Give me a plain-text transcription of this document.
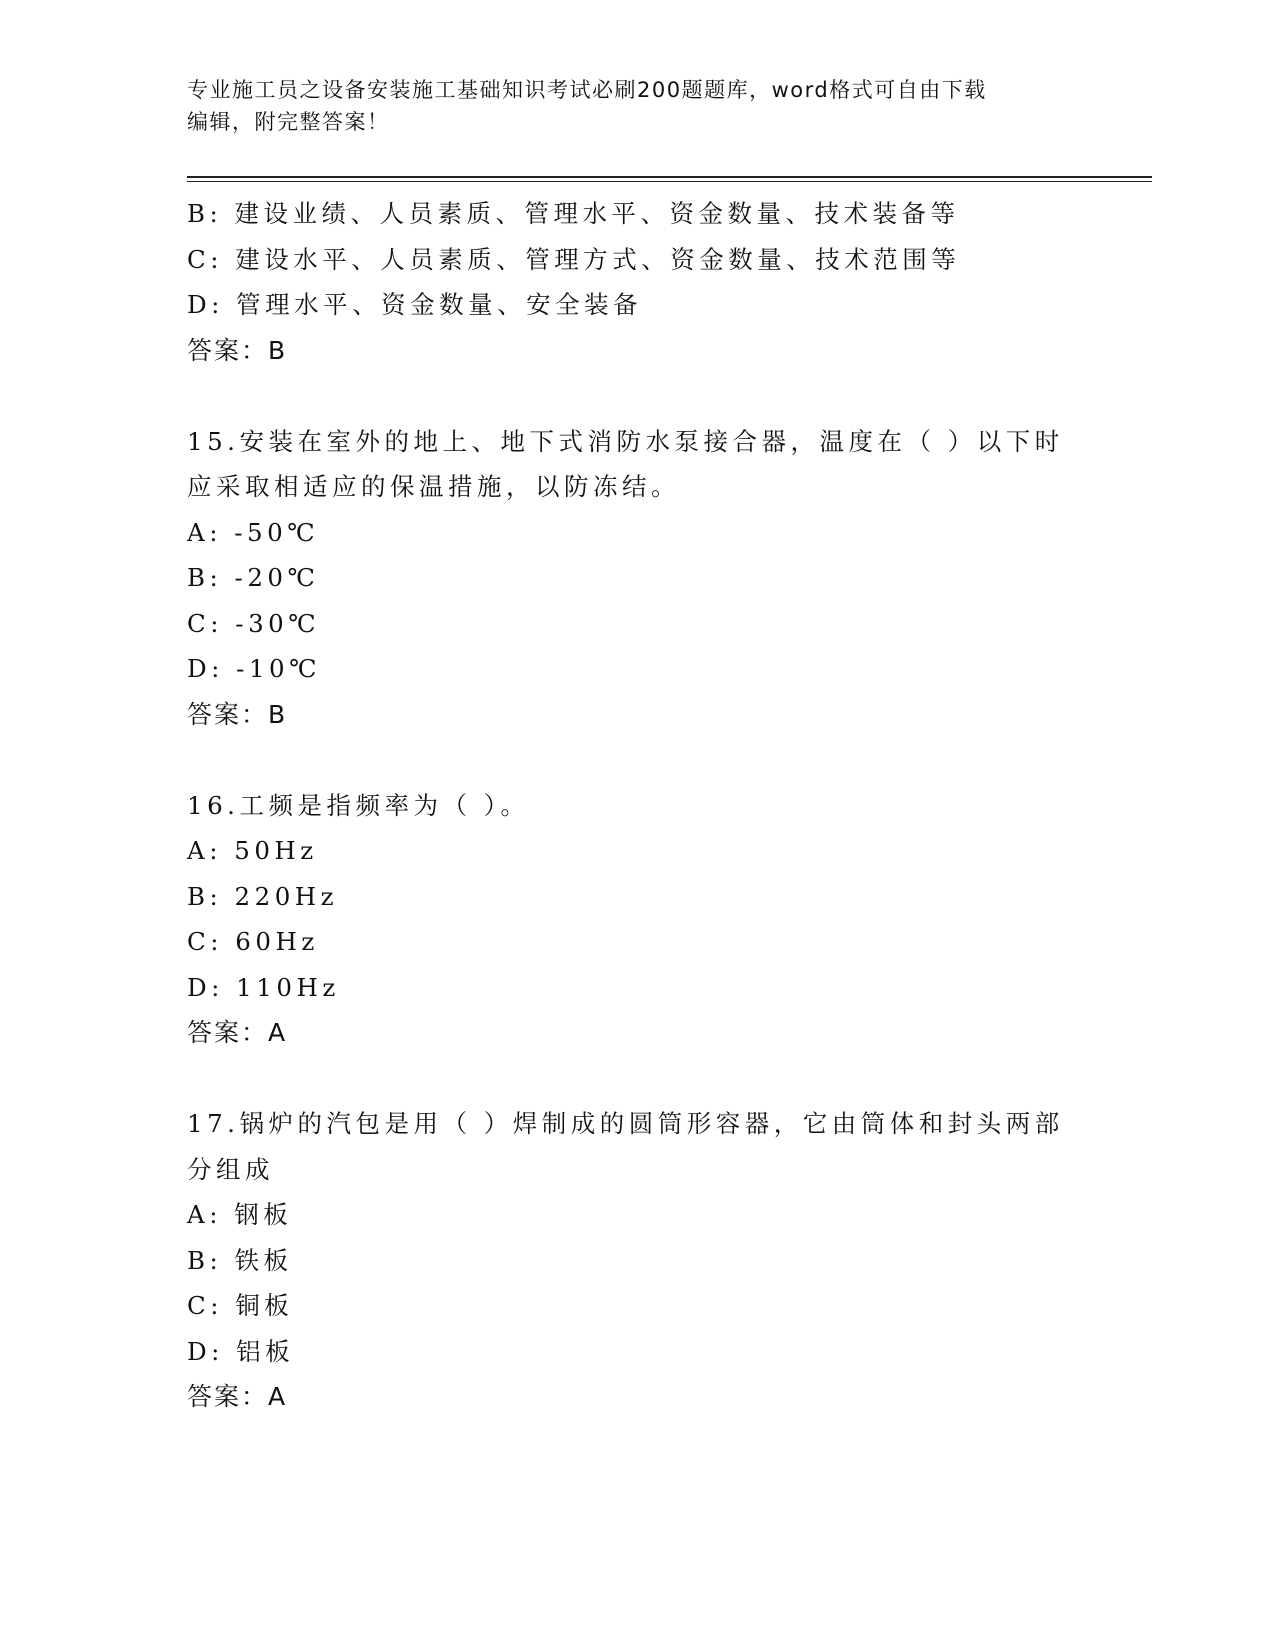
专业施工员之设备安装施工基础知识考试必刷200题题库，word格式可自由下载
编辑，附完整答案！
B: 建设业绩、人员素质、管理水平、资金数量、技术装备等
C: 建设水平、人员素质、管理方式、资金数量、技术范围等
D: 管理水平、资金数量、安全装备
答案：B
15.安装在室外的地上、地下式消防水泵接合器，温度在（ ）以下时
应采取相适应的保温措施，以防冻结。
A: -50℃
B: -20℃
C: -30℃
D: -10℃
答案：B
16.工频是指频率为（ ）。
A: 50Hz
B: 220Hz
C: 60Hz
D: 110Hz
答案：A
17.锅炉的汽包是用（ ）焊制成的圆筒形容器，它由筒体和封头两部
分组成
A: 钢板
B: 铁板
C: 铜板
D: 铝板
答案：A
